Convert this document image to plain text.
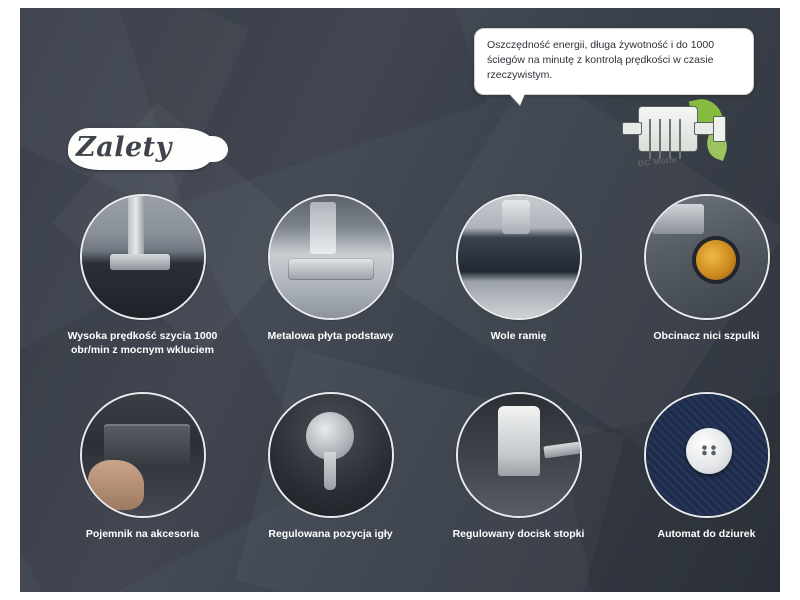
Oszczędność energii, długa żywotność i do 1000 ściegów na minutę z kontrolą prędkości w czasie rzeczywistym.
DC Motor
Zalety
Wysoka prędkość szycia 1000 obr/min z mocnym wkluciem
Metalowa płyta podstawy	Wole ramię	Obcinacz nici szpulki
Pojemnik na akcesoria	Regulowana pozycja igły	Regulowany docisk stopki	Automat do dziurek
